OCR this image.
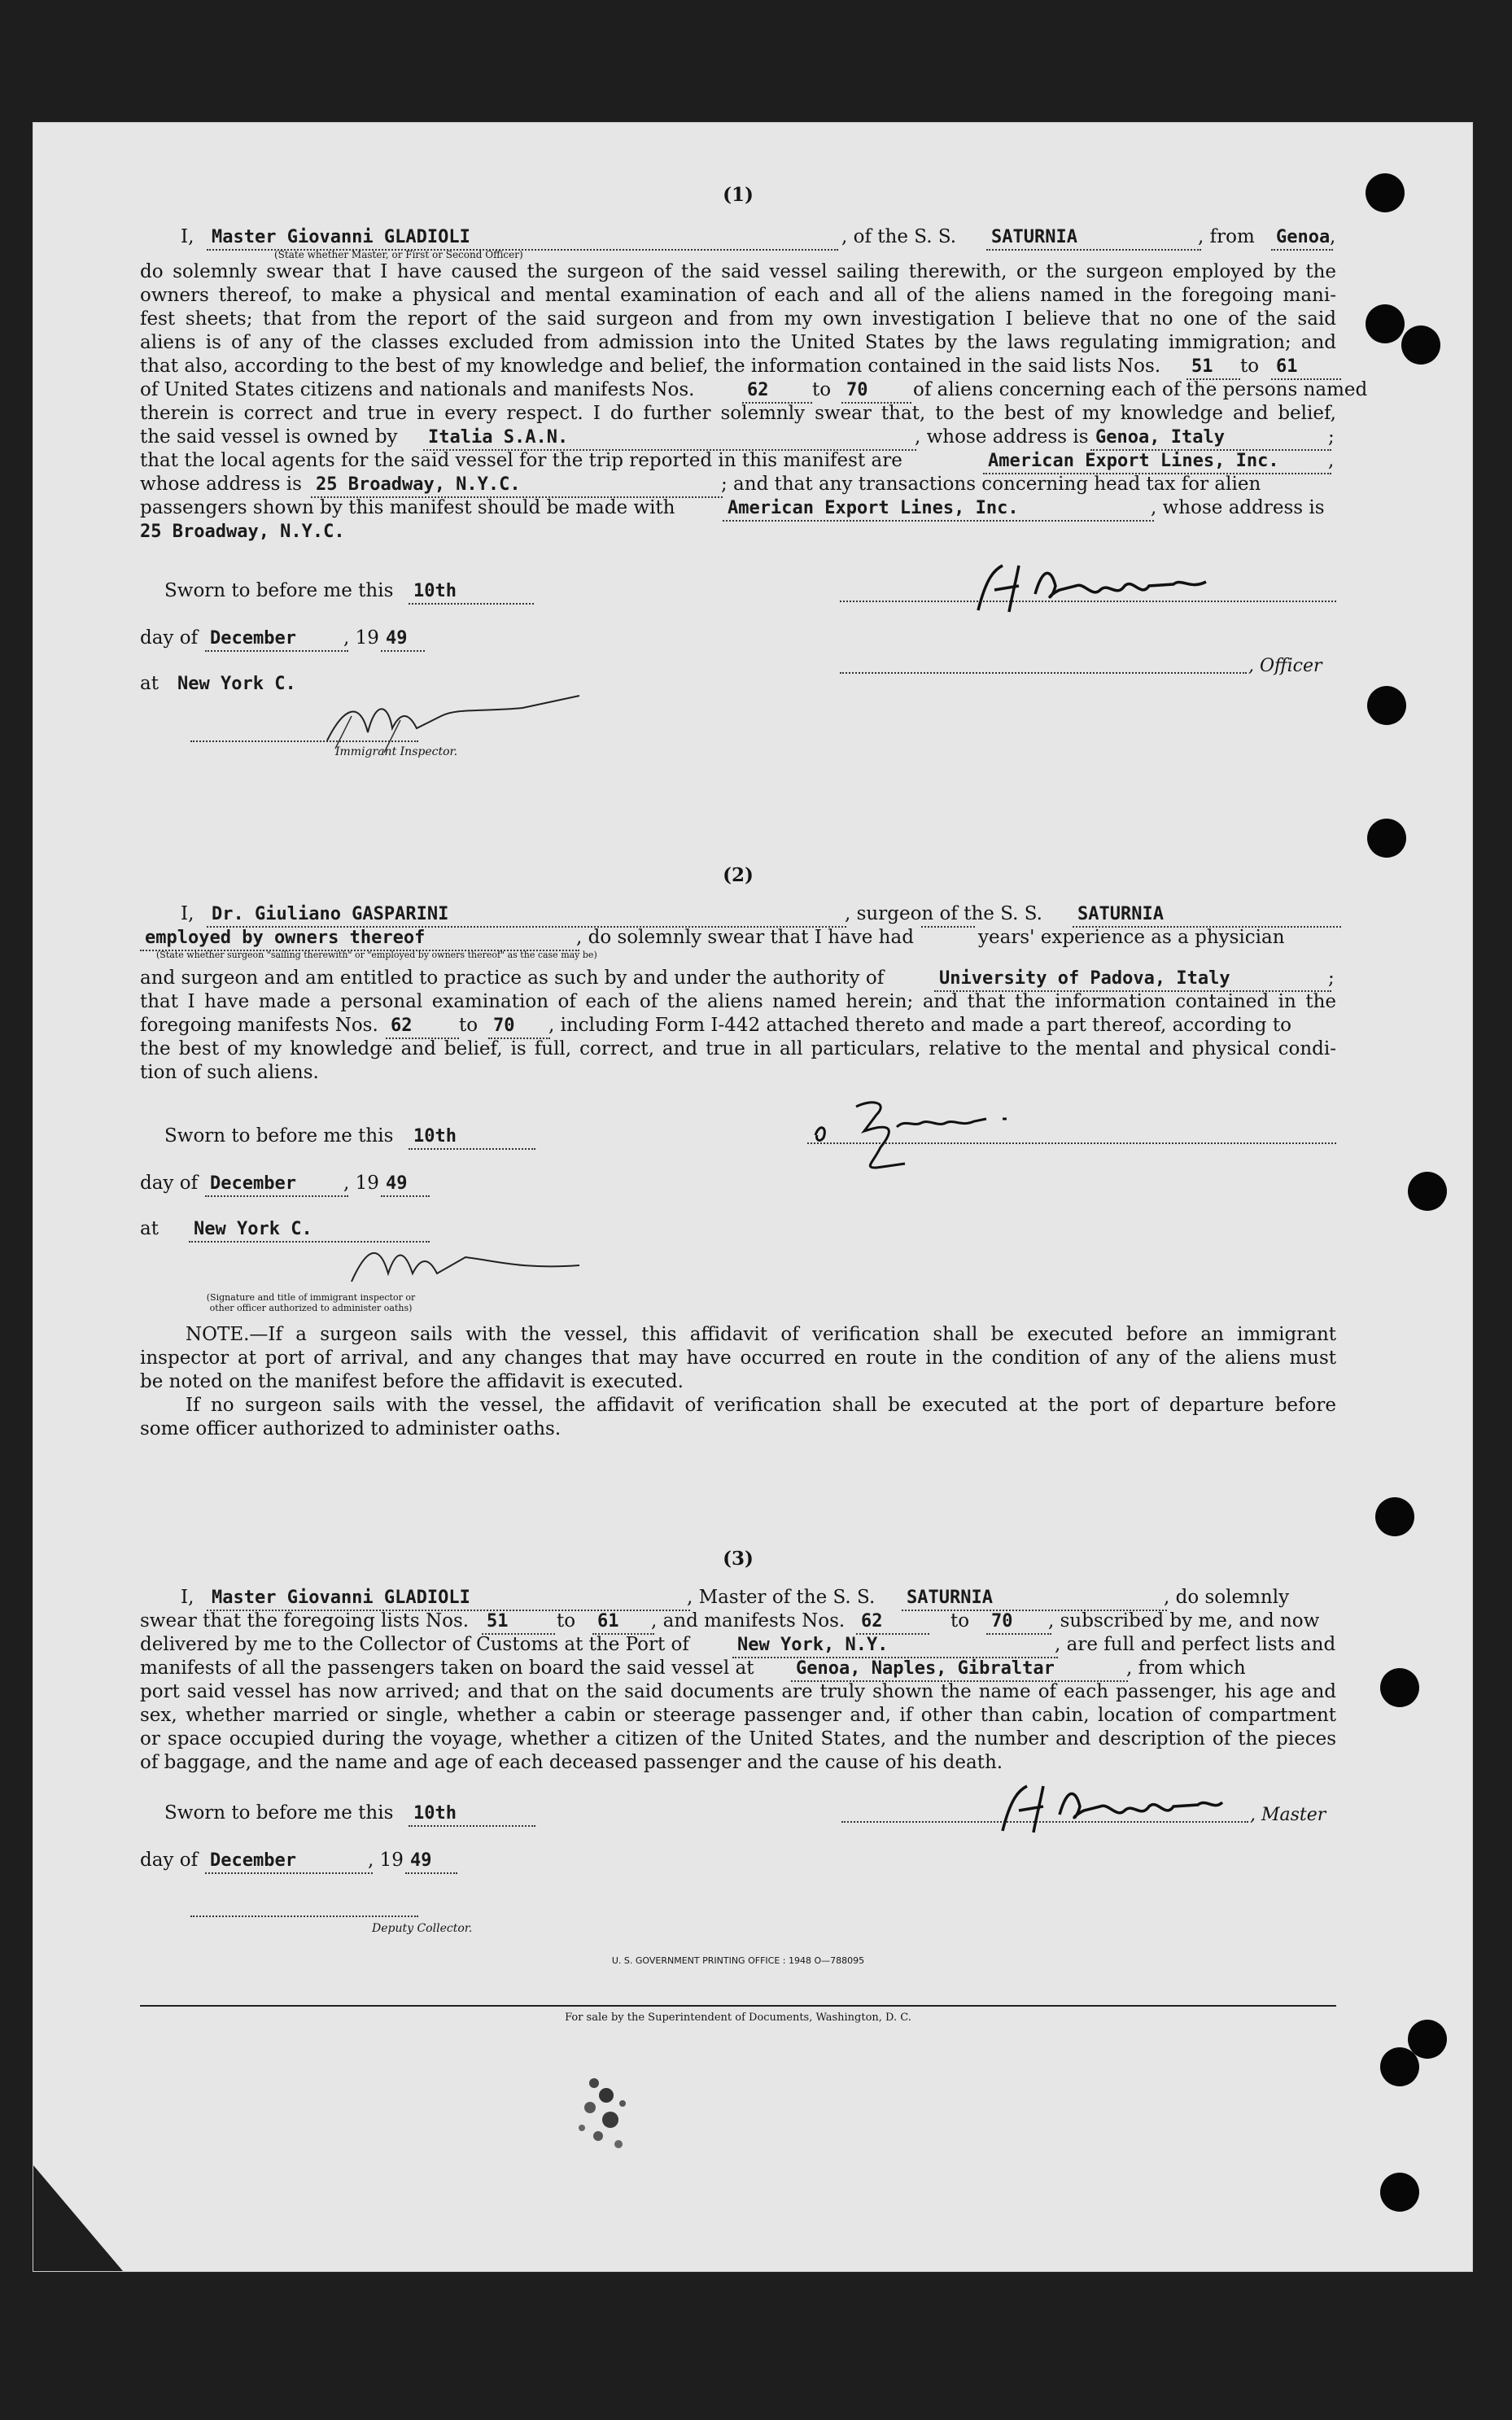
(1)
I, Master Giovanni GLADIOLI	, of the S. S. SATURNIA	, from Genoa ,

(State whether Master, or First or Second Officer)
do solemnly swear that I have caused the surgeon of the said vessel sailing therewith, or the surgeon employed by the
owners thereof, to make a physical and mental examination of each and all of the aliens named in the foregoing mani-
fest sheets; that from the report of the said surgeon and from my own investigation I believe that no one of the said
aliens is of any of the classes excluded from admission into the United States by the laws regulating immigration; and
that also, according to the best of my knowledge and belief, the information contained in the said lists Nos. 51	to 61
of United States citizens and nationals and manifests Nos.	62	to 70	of aliens concerning each of the persons named
therein is correct and true in every respect. I do further solemnly swear that, to the best of my knowledge and belief,
the said vessel is owned by Italia S.A.N.	, whose address is Genoa, Italy	;
that the local agents for the said vessel for the trip reported in this manifest are	American Export Lines, Inc.	,
whose address is 25 Broadway, N.Y.C.	; and that any transactions concerning head tax for alien
passengers shown by this manifest should be made with	American Export Lines, Inc.	, whose address is
25 Broadway, N.Y.C.
Sworn to before me this 10th
day of December	, 19 49
at New York C.
Immigrant Inspector.
, Officer
(2)
I, Dr. Giuliano GASPARINI	, surgeon of the S. S. SATURNIA

employed by owners thereof	, do solemnly swear that I have had	years' experience as a physician

(State whether surgeon "sailing therewith" or "employed by owners thereof" as the case may be)
and surgeon and am entitled to practice as such by and under the authority of	University of Padova, Italy	;
that I have made a personal examination of each of the aliens named herein; and that the information contained in the
foregoing manifests Nos. 62	to 70	, including Form I-442 attached thereto and made a part thereof, according to
the best of my knowledge and belief, is full, correct, and true in all particulars, relative to the mental and physical condi-
tion of such aliens.
Sworn to before me this 10th
day of December	, 19 49
at New York C.
(Signature and title of immigrant inspector or
other officer authorized to administer oaths)
NOTE.—If a surgeon sails with the vessel, this affidavit of verification shall be executed before an immigrant
inspector at port of arrival, and any changes that may have occurred en route in the condition of any of the aliens must
be noted on the manifest before the affidavit is executed.
If no surgeon sails with the vessel, the affidavit of verification shall be executed at the port of departure before
some officer authorized to administer oaths.
(3)
I, Master Giovanni GLADIOLI	, Master of the S. S. SATURNIA	, do solemnly

swear that the foregoing lists Nos. 51	to 61	, and manifests Nos. 62	to 70	, subscribed by me, and now
delivered by me to the Collector of Customs at the Port of	New York, N.Y.	, are full and perfect lists and
manifests of all the passengers taken on board the said vessel at Genoa, Naples, Gibraltar	, from which
port said vessel has now arrived; and that on the said documents are truly shown the name of each passenger, his age and
sex, whether married or single, whether a cabin or steerage passenger and, if other than cabin, location of compartment
or space occupied during the voyage, whether a citizen of the United States, and the number and description of the pieces
of baggage, and the name and age of each deceased passenger and the cause of his death.
Sworn to before me this 10th
day of December	, 19 49
Deputy Collector.
, Master
U. S. GOVERNMENT PRINTING OFFICE : 1948 O—788095
For sale by the Superintendent of Documents, Washington, D. C.
